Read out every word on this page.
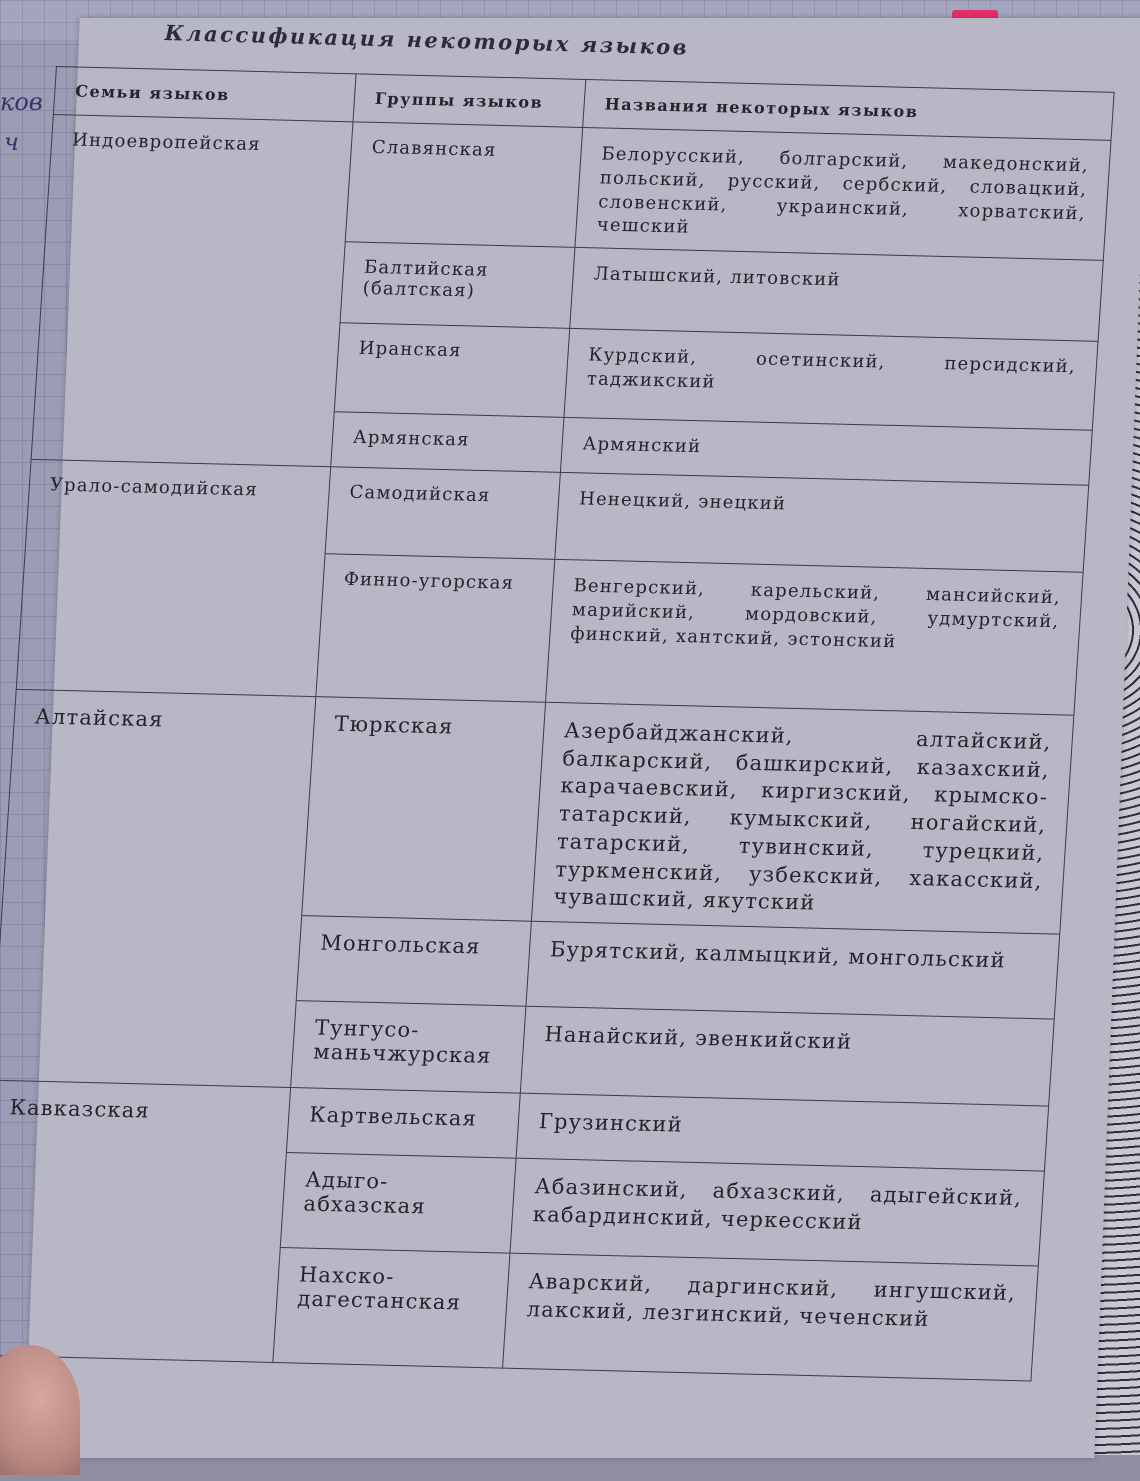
ков
ч
Классификация некоторых языков
Семьи языков	Группы языков	Названия некоторых языков
Индоевропейская	Славянская	Белорусский, болгарский, македонский, польский, русский, сербский, словацкий, словенский, украинский, хорватский, чешский
	Балтийская (балтская)	Латышский, литовский
	Иранская	Курдский, осетинский, персидский, таджикский
	Армянская	Армянский
Урало-самодийская	Самодийская	Ненецкий, энецкий
	Финно-угорская	Венгерский, карельский, мансийский, марийский, мордовский, удмуртский, финский, хантский, эстонский
Алтайская	Тюркская	Азербайджанский, алтайский, балкарский, башкирский, казахский, карачаевский, киргизский, крымско-татарский, кумыкский, ногайский, татарский, тувинский, турецкий, туркменский, узбекский, хакасский, чувашский, якутский
	Монгольская	Бурятский, калмыцкий, монгольский
	Тунгусо-маньчжурская	Нанайский, эвенкийский
Кавказская	Картвельская	Грузинский
	Адыго-абхазская	Абазинский, абхазский, адыгейский, кабардинский, черкесский
	Нахско-дагестанская	Аварский, даргинский, ингушский, лакский, лезгинский, чеченский
